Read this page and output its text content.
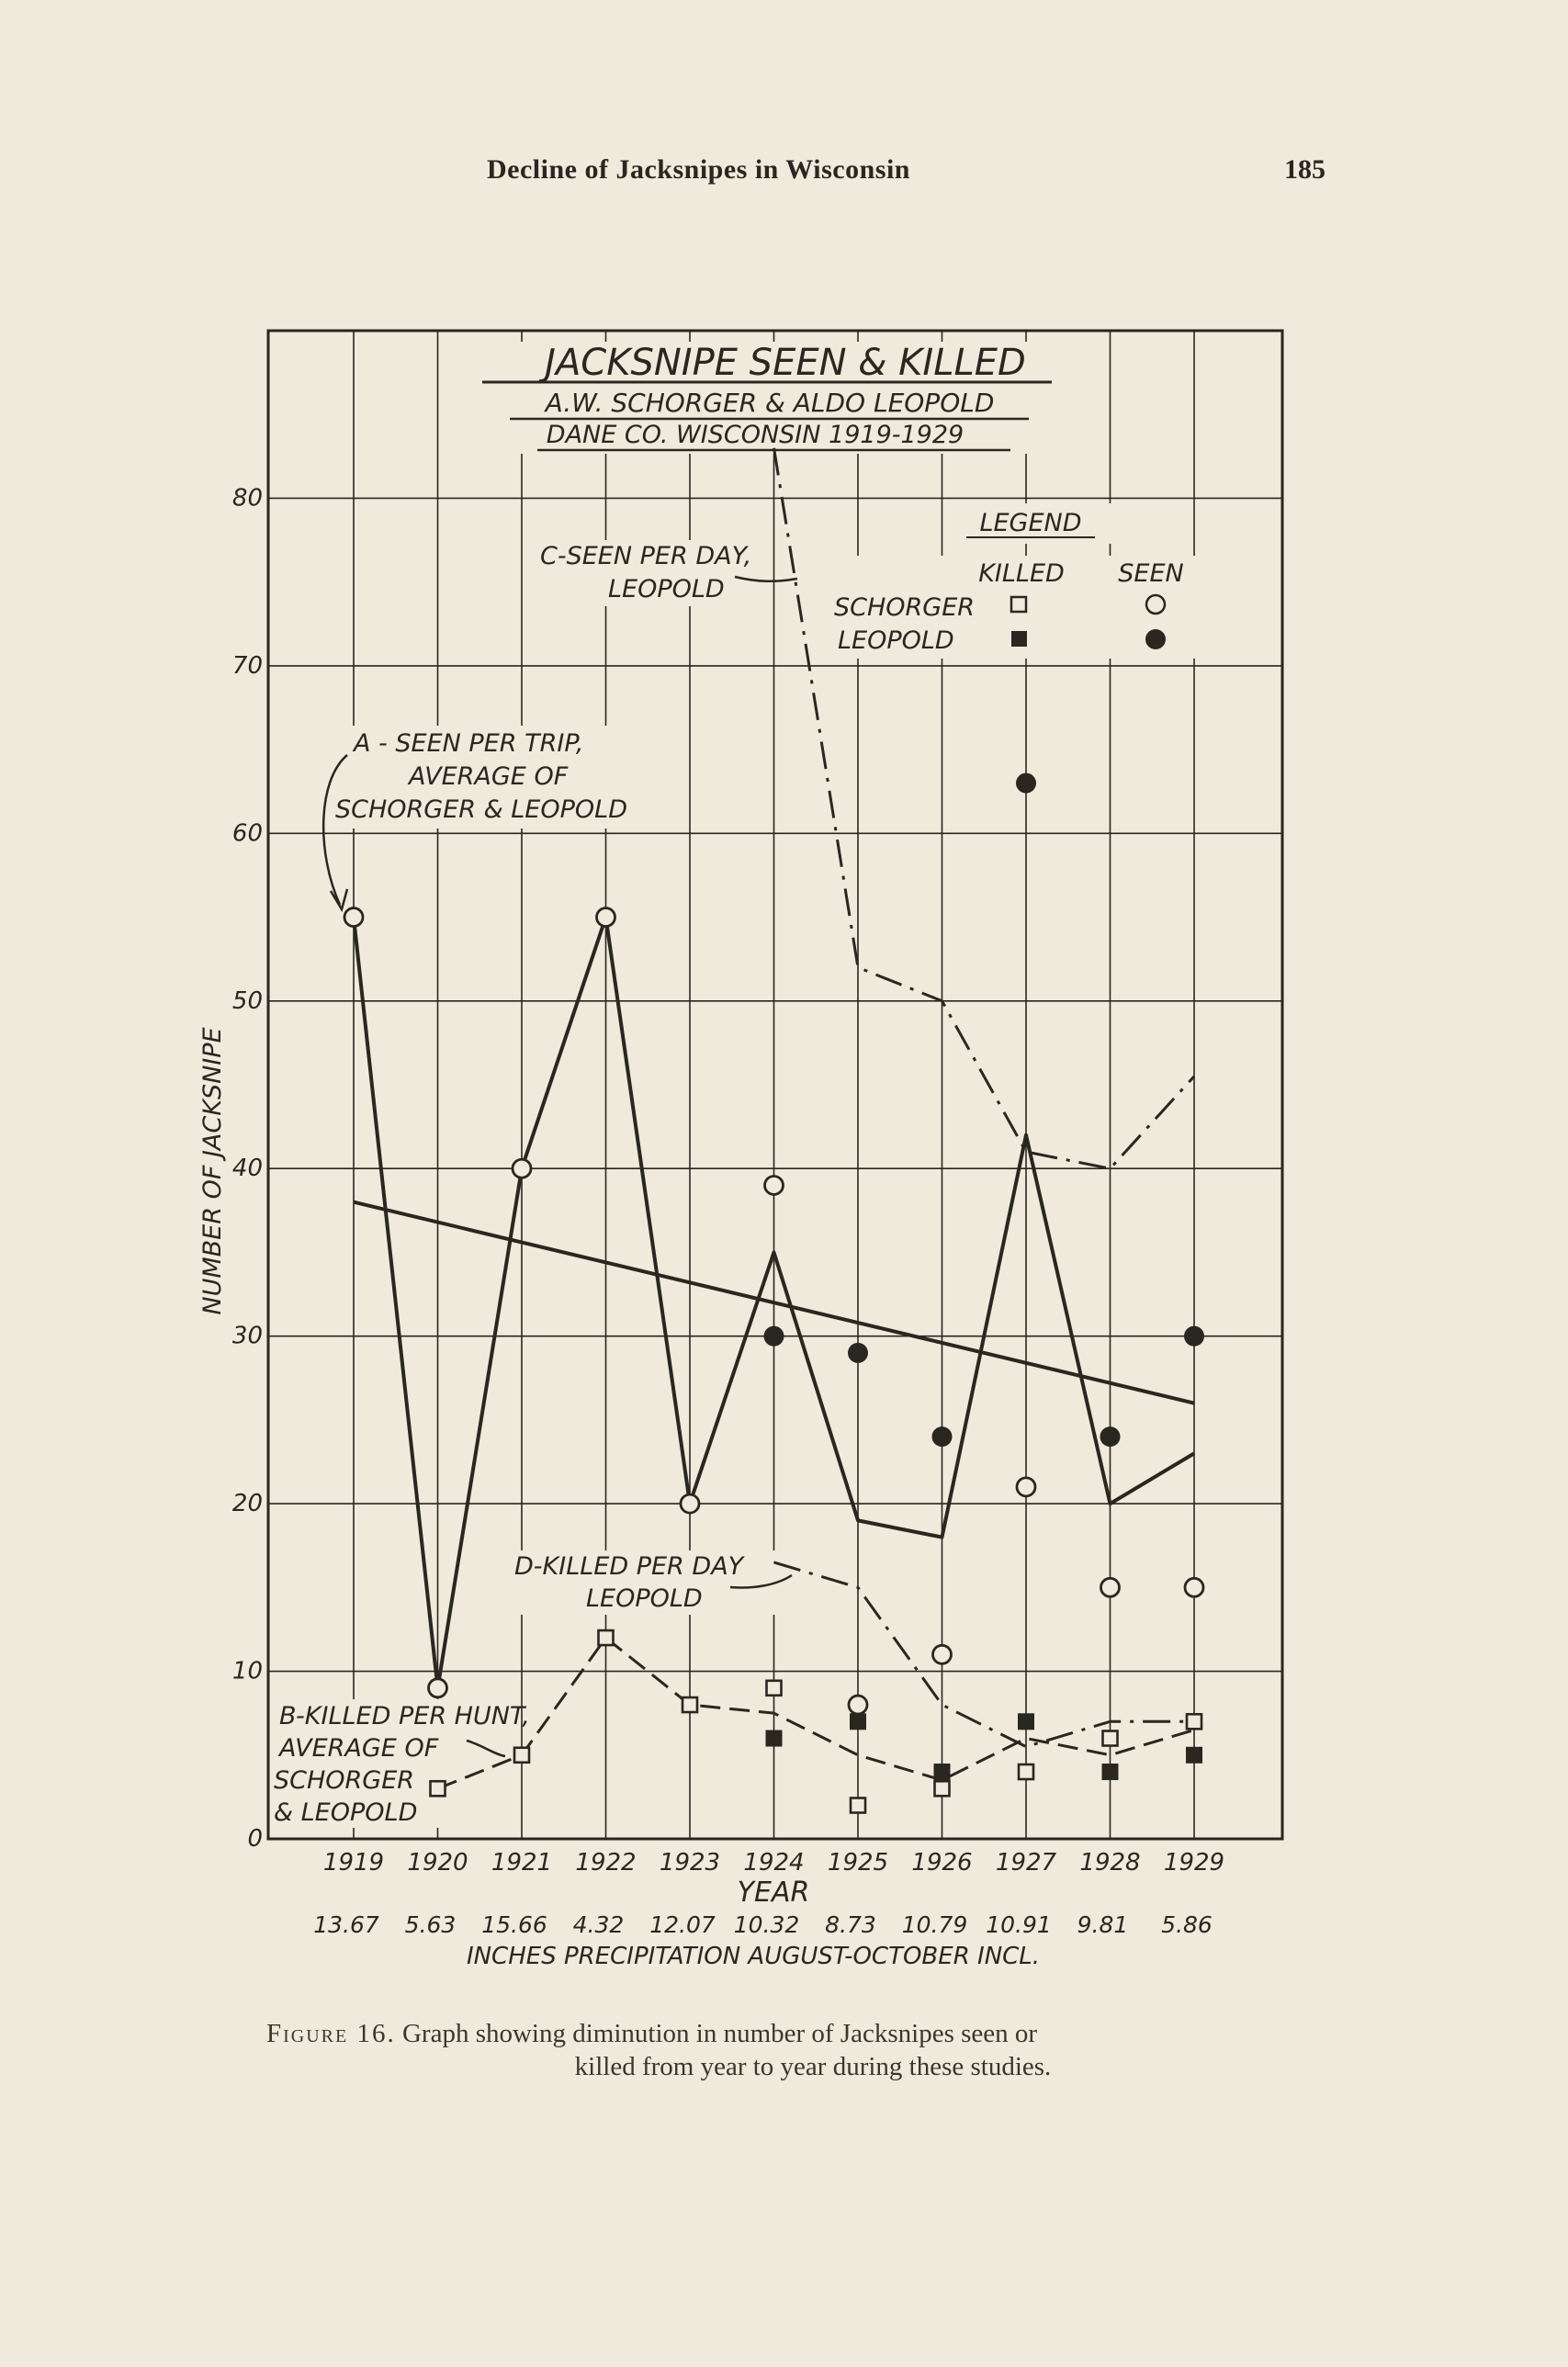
Decline of Jacksnipes in Wisconsin	185
JACKSNIPE SEEN & KILLED
A.W. SCHORGER & ALDO LEOPOLD
DANE CO. WISCONSIN 1919-1929
LEGEND
KILLED SEEN
SCHORGER
LEOPOLD
A - SEEN PER TRIP,
AVERAGE OF
SCHORGER & LEOPOLD
B-KILLED PER HUNT,
AVERAGE OF
SCHORGER
& LEOPOLD
C-SEEN PER DAY,
LEOPOLD
D-KILLED PER DAY
LEOPOLD
NUMBER OF JACKSNIPE
YEAR
INCHES PRECIPITATION AUGUST-OCTOBER INCL.
0
10
20
30
40
50
60
70
80
1919
13.67
1920
5.63
1921
15.66
1922
4.32
1923
12.07
1924
10.32
1925
8.73
1926
10.79
1927
10.91
1928
9.81
1929
5.86
Figure 16. Graph showing diminution in number of Jacksnipes seen or
killed from year to year during these studies.
